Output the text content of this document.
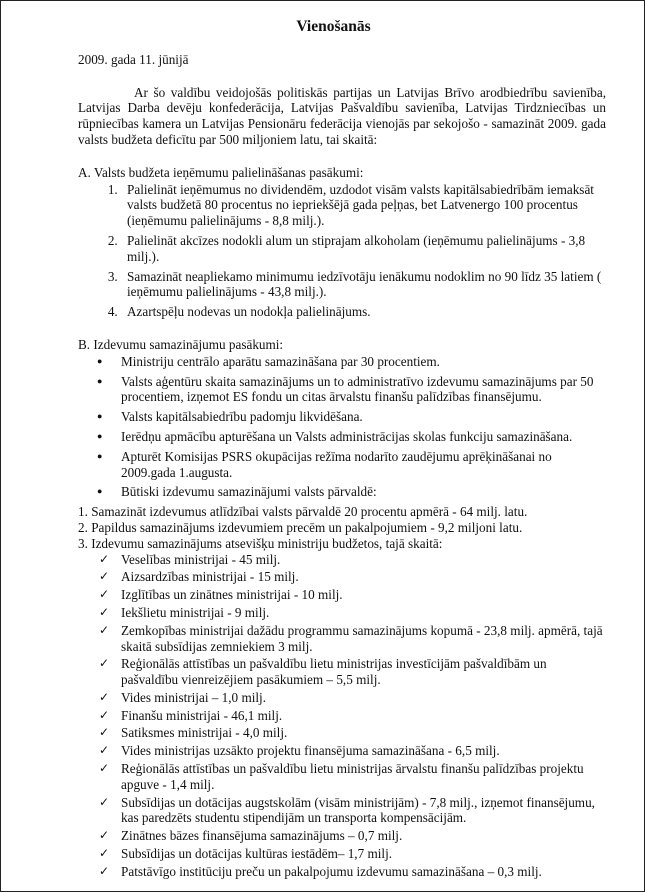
Vienošanās
2009. gada 11. jūnijā
Ar šo valdību veidojošās politiskās partijas un Latvijas Brīvo arodbiedrību savienība, Latvijas Darba devēju konfederācija, Latvijas Pašvaldību savienība, Latvijas Tirdzniecības un rūpniecības kamera un Latvijas Pensionāru federācija vienojās par sekojošo - samazināt 2009. gada valsts budžeta deficītu par 500 miljoniem latu, tai skaitā:
A. Valsts budžeta ieņēmumu palielināšanas pasākumi:
1. Palielināt ieņēmumus no dividendēm, uzdodot visām valsts kapitālsabiedrībām iemaksāt valsts budžetā 80 procentus no iepriekšējā gada peļņas, bet Latvenergo 100 procentus (ieņēmumu palielinājums - 8,8 milj.).
2. Palielināt akcīzes nodokli alum un stiprajam alkoholam (ieņēmumu palielinājums - 3,8 milj.).
3. Samazināt neapliekamo minimumu iedzīvotāju ienākumu nodoklim no 90 līdz 35 latiem ( ieņēmumu palielinājums - 43,8 milj.).
4. Azartspēļu nodevas un nodokļa palielinājums.
B. Izdevumu samazinājumu pasākumi:
● Ministriju centrālo aparātu samazināšana par 30 procentiem.
● Valsts aģentūru skaita samazinājums un to administratīvo izdevumu samazinājums par 50 procentiem, izņemot ES fondu un citas ārvalstu finanšu palīdzības finansējumu.
● Valsts kapitālsabiedrību padomju likvidēšana.
● Ierēdņu apmācību apturēšana un Valsts administrācijas skolas funkciju samazināšana.
● Apturēt Komisijas PSRS okupācijas režīma nodarīto zaudējumu aprēķināšanai no 2009.gada 1.augusta.
● Būtiski izdevumu samazinājumi valsts pārvaldē:
1. Samazināt izdevumus atlīdzībai valsts pārvaldē 20 procentu apmērā - 64 milj. latu.
2. Papildus samazinājums izdevumiem precēm un pakalpojumiem - 9,2 miljoni latu.
3. Izdevumu samazinājums atsevišķu ministriju budžetos, tajā skaitā:
✓ Veselības ministrijai - 45 milj.
✓ Aizsardzības ministrijai - 15 milj.
✓ Izglītības un zinātnes ministrijai - 10 milj.
✓ Iekšlietu ministrijai - 9 milj.
✓ Zemkopības ministrijai dažādu programmu samazinājums kopumā - 23,8 milj. apmērā, tajā skaitā subsīdijas zemniekiem 3 milj.
✓ Reģionālās attīstības un pašvaldību lietu ministrijas investīcijām pašvaldībām un pašvaldību vienreizējiem pasākumiem – 5,5 milj.
✓ Vides ministrijai – 1,0 milj.
✓ Finanšu ministrijai - 46,1 milj.
✓ Satiksmes ministrijai - 4,0 milj.
✓ Vides ministrijas uzsākto projektu finansējuma samazināšana - 6,5 milj.
✓ Reģionālās attīstības un pašvaldību lietu ministrijas ārvalstu finanšu palīdzības projektu apguve - 1,4 milj.
✓ Subsīdijas un dotācijas augstskolām (visām ministrijām) - 7,8 milj., izņemot finansējumu, kas paredzēts studentu stipendijām un transporta kompensācijām.
✓ Zinātnes bāzes finansējuma samazinājums – 0,7 milj.
✓ Subsīdijas un dotācijas kultūras iestādēm– 1,7 milj.
✓ Patstāvīgo institūciju preču un pakalpojumu izdevumu samazināšana – 0,3 milj.
